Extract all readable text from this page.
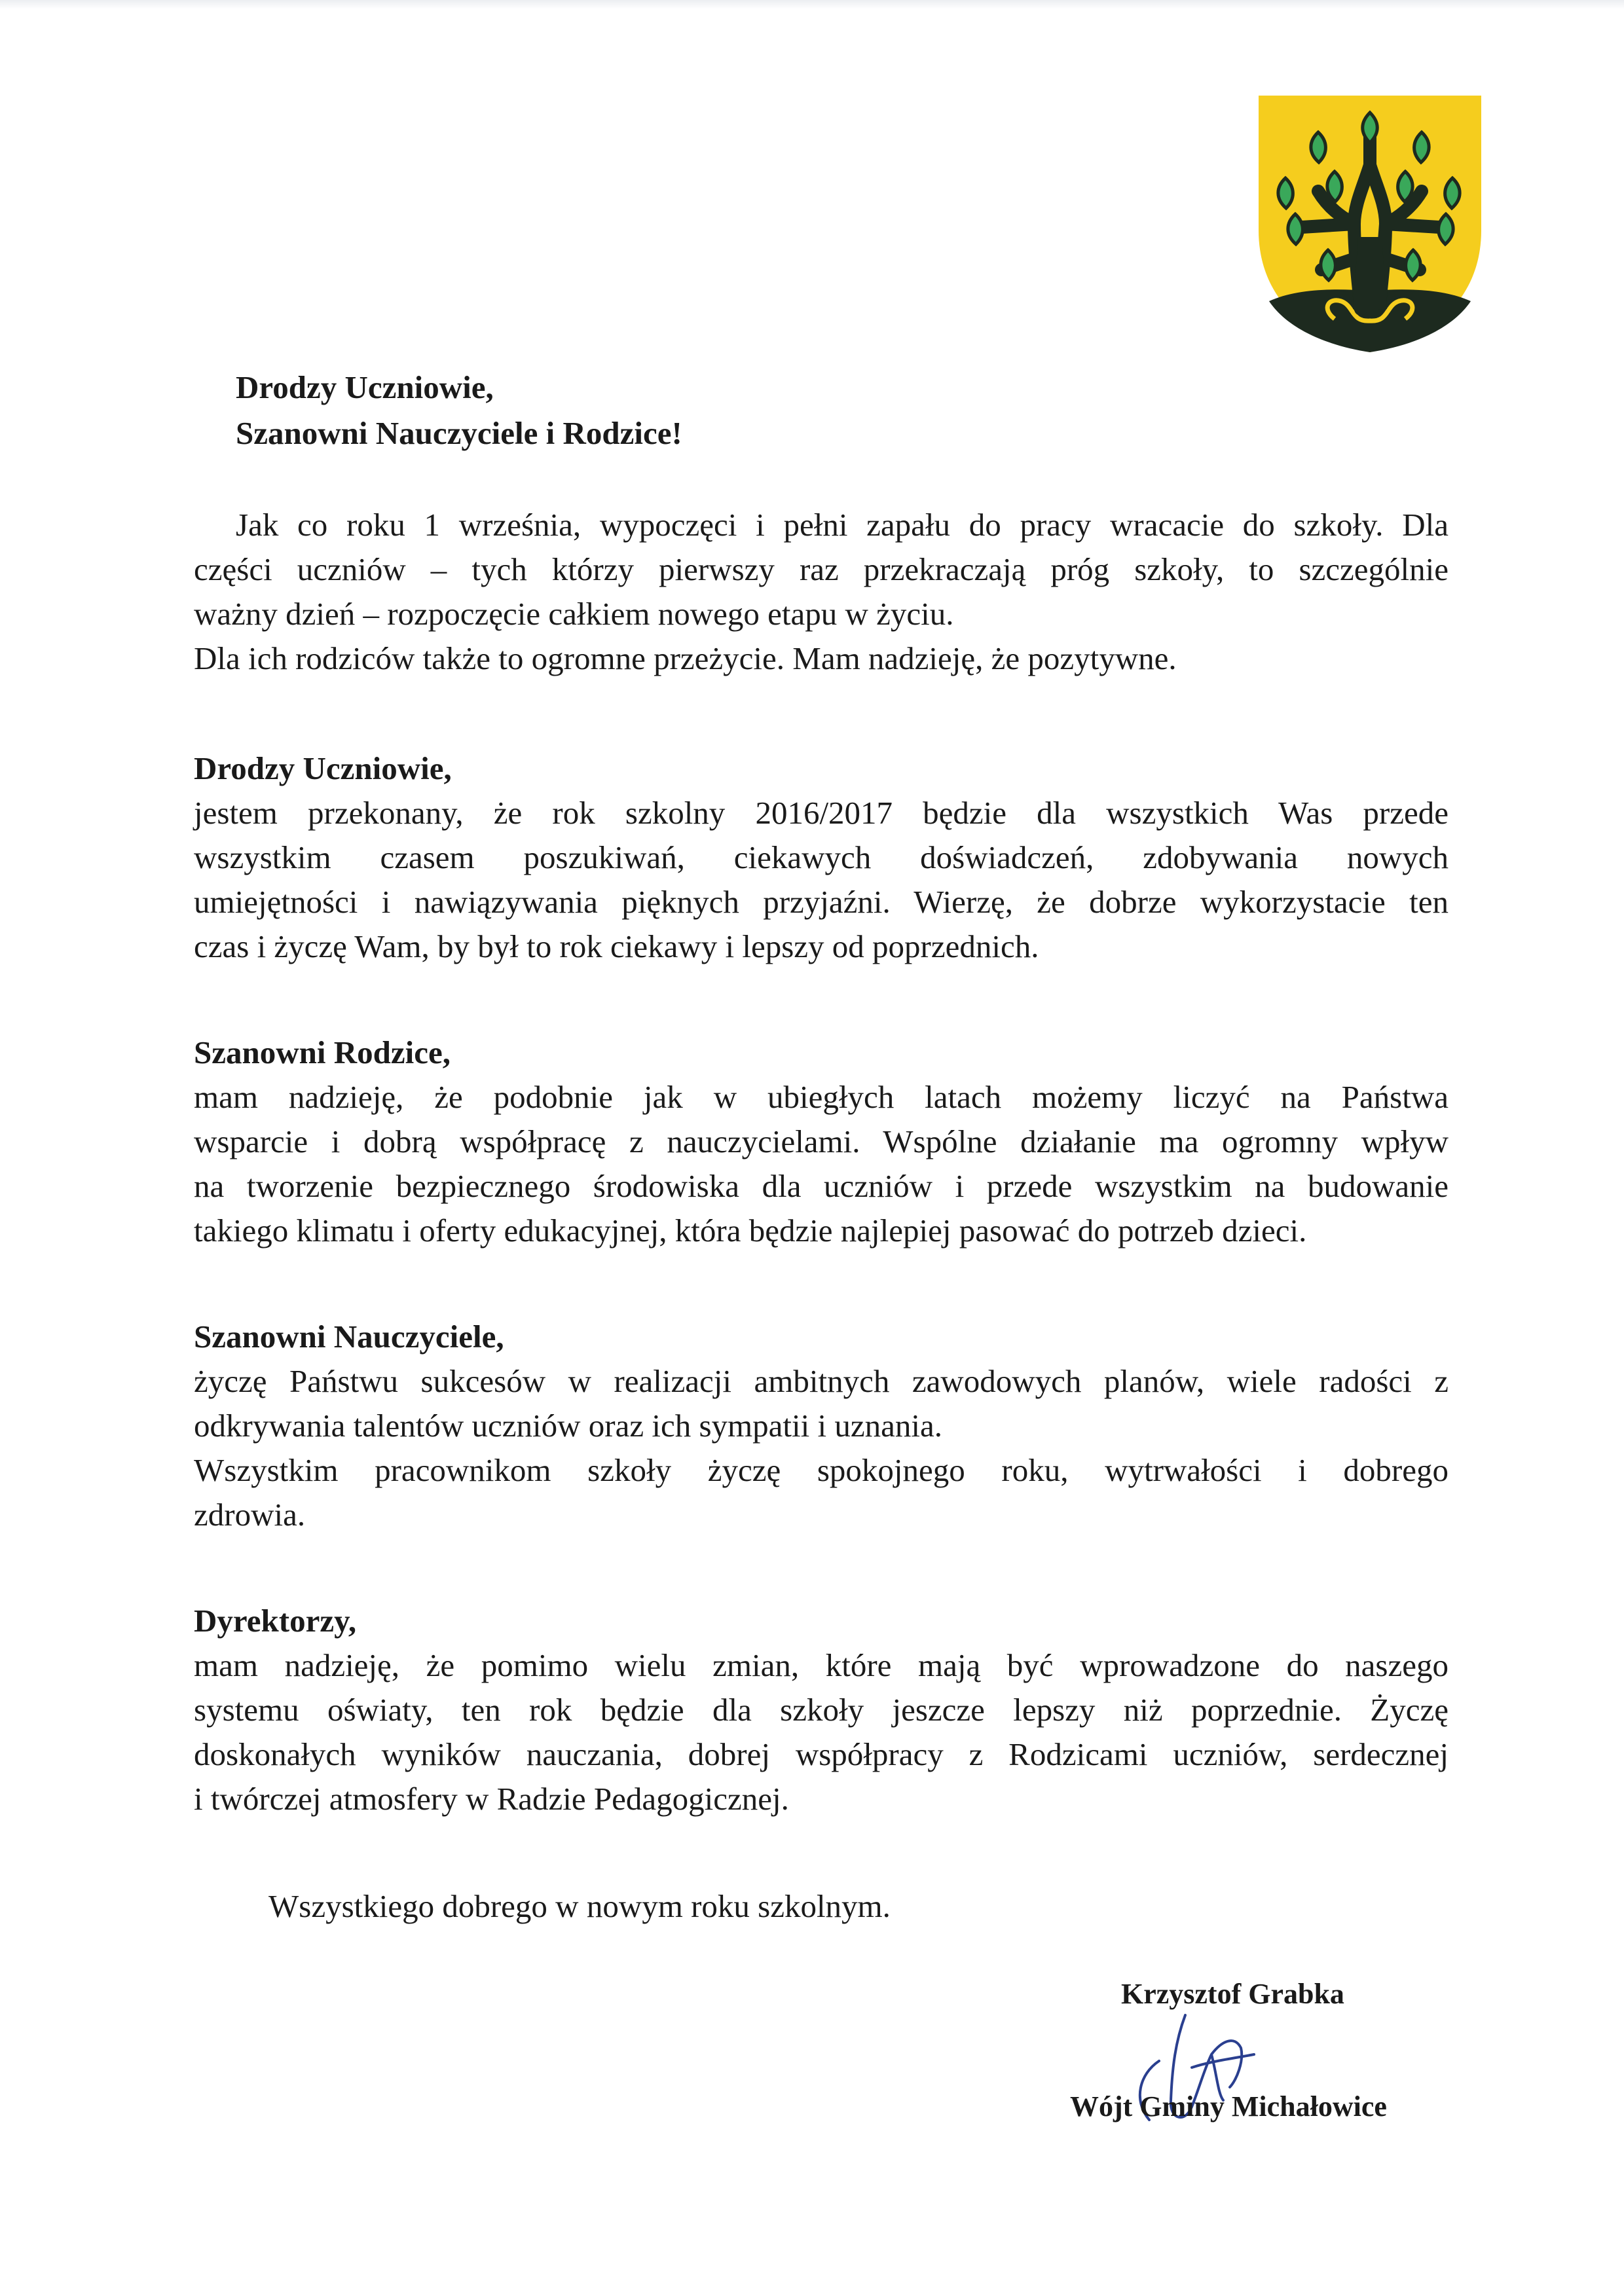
Drodzy Uczniowie,
Szanowni Nauczyciele i Rodzice!
Jak co roku 1 września, wypoczęci i pełni zapału do pracy wracacie do szkoły. Dla
części uczniów – tych którzy pierwszy raz przekraczają próg szkoły, to szczególnie
ważny dzień – rozpoczęcie całkiem nowego etapu w życiu.
Dla ich rodziców także to ogromne przeżycie. Mam nadzieję, że pozytywne.
Drodzy Uczniowie,
jestem przekonany, że rok szkolny 2016/2017 będzie dla wszystkich Was przede
wszystkim czasem poszukiwań, ciekawych doświadczeń, zdobywania nowych
umiejętności i nawiązywania pięknych przyjaźni. Wierzę, że dobrze wykorzystacie ten
czas i życzę Wam, by był to rok ciekawy i lepszy od poprzednich.
Szanowni Rodzice,
mam nadzieję, że podobnie jak w ubiegłych latach możemy liczyć na Państwa
wsparcie i dobrą współpracę z nauczycielami. Wspólne działanie ma ogromny wpływ
na tworzenie bezpiecznego środowiska dla uczniów i przede wszystkim na budowanie
takiego klimatu i oferty edukacyjnej, która będzie najlepiej pasować do potrzeb dzieci.
Szanowni Nauczyciele,
życzę Państwu sukcesów w realizacji ambitnych zawodowych planów, wiele radości z
odkrywania talentów uczniów oraz ich sympatii i uznania.
Wszystkim pracownikom szkoły życzę spokojnego roku, wytrwałości i dobrego
zdrowia.
Dyrektorzy,
mam nadzieję, że pomimo wielu zmian, które mają być wprowadzone do naszego
systemu oświaty, ten rok będzie dla szkoły jeszcze lepszy niż poprzednie. Życzę
doskonałych wyników nauczania, dobrej współpracy z Rodzicami uczniów, serdecznej
i twórczej atmosfery w Radzie Pedagogicznej.
Wszystkiego dobrego w nowym roku szkolnym.
Krzysztof Grabka
Wójt Gminy Michałowice
